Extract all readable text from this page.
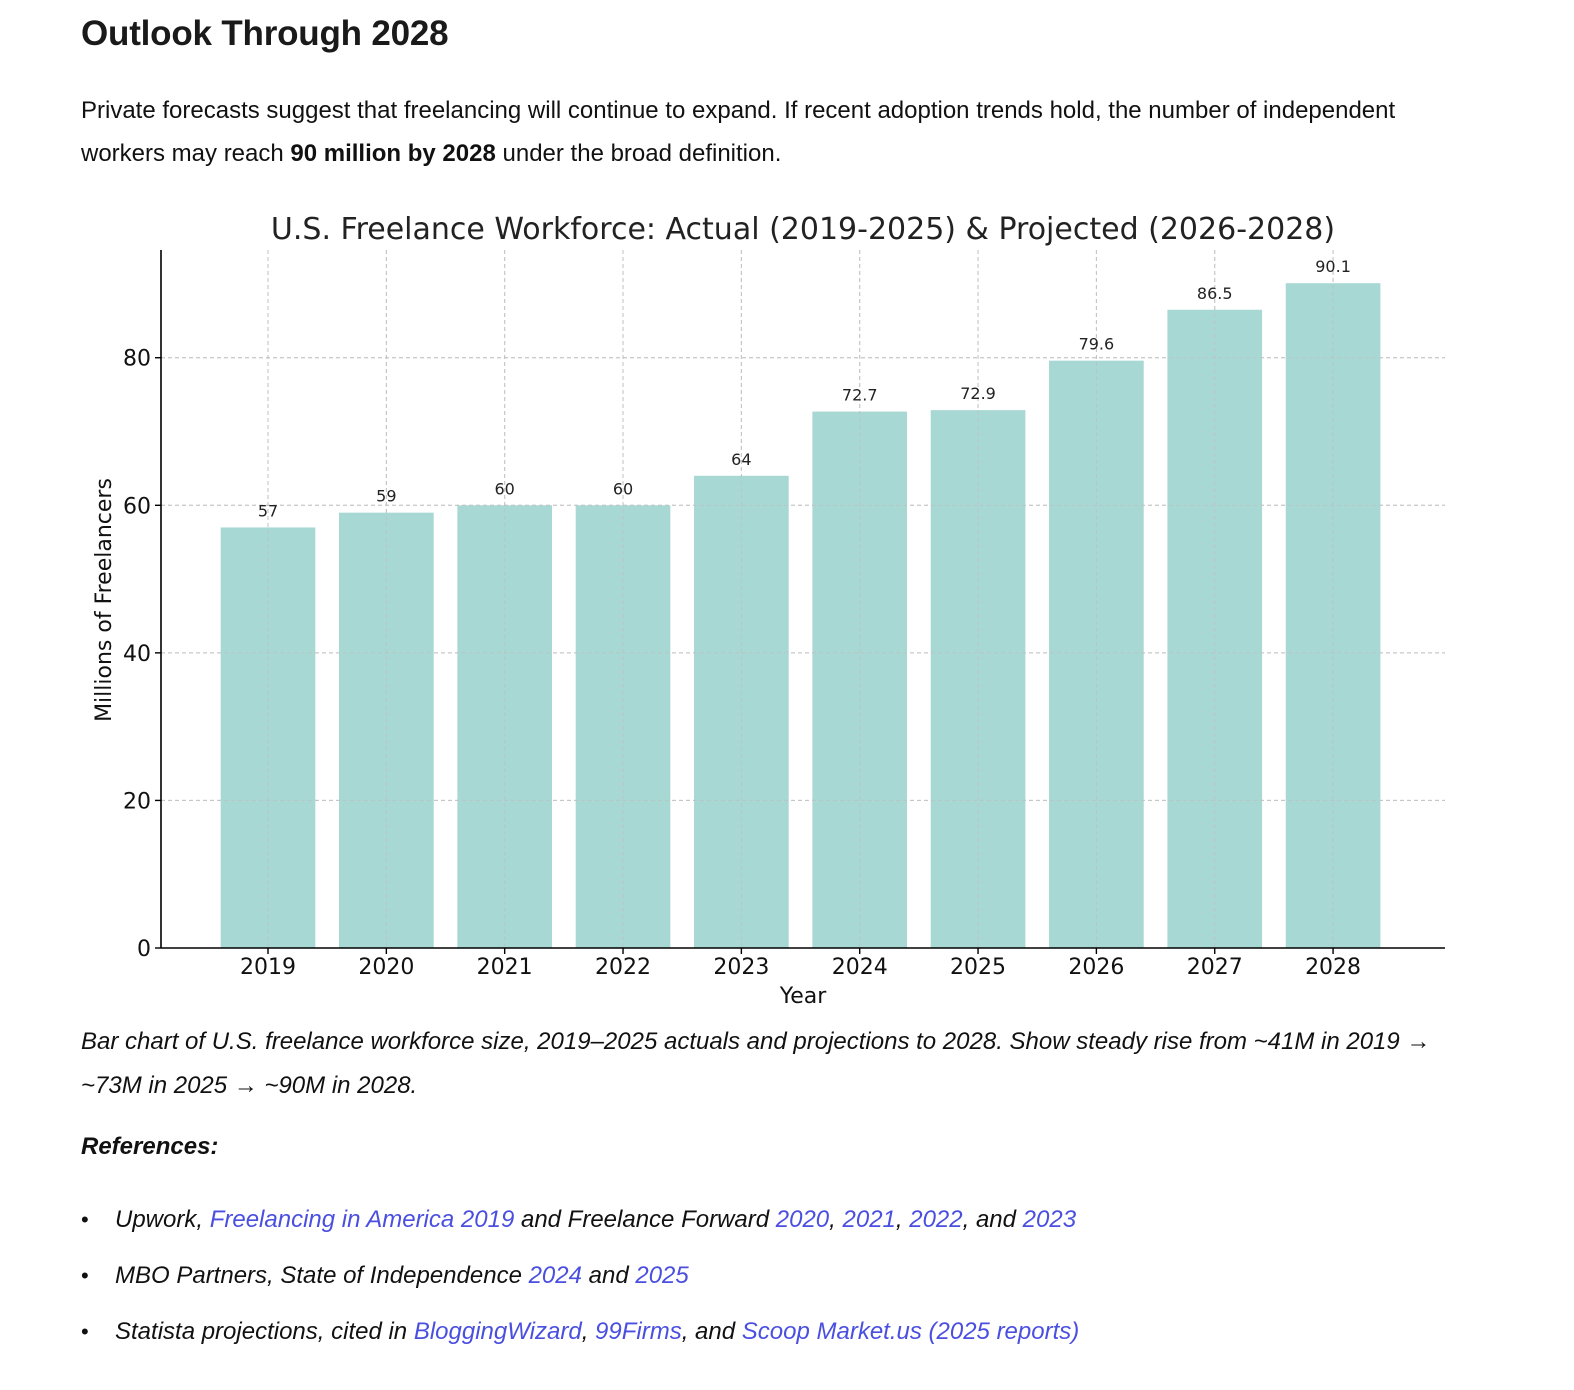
Outlook Through 2028

Private forecasts suggest that freelancing will continue to expand. If recent adoption trends hold, the number of independent workers may reach 90 million by 2028 under the broad definition.

57
59	60	60
64
72.7	72.9
79.6
86.5
90.1
0
20
40
60
80
2019	2020	2021	2022	2023	2024	2025	2026	2027	2028
U.S. Freelance Workforce: Actual (2019-2025) & Projected (2026-2028)
Year
Millions of Freelancers

Bar chart of U.S. freelance workforce size, 2019–2025 actuals and projections to 2028. Show steady rise from ~41M in 2019 → ~73M in 2025 → ~90M in 2028.

References:

• Upwork, Freelancing in America 2019 and Freelance Forward 2020, 2021, 2022, and 2023
• MBO Partners, State of Independence 2024 and 2025
• Statista projections, cited in BloggingWizard, 99Firms, and Scoop Market.us (2025 reports)
